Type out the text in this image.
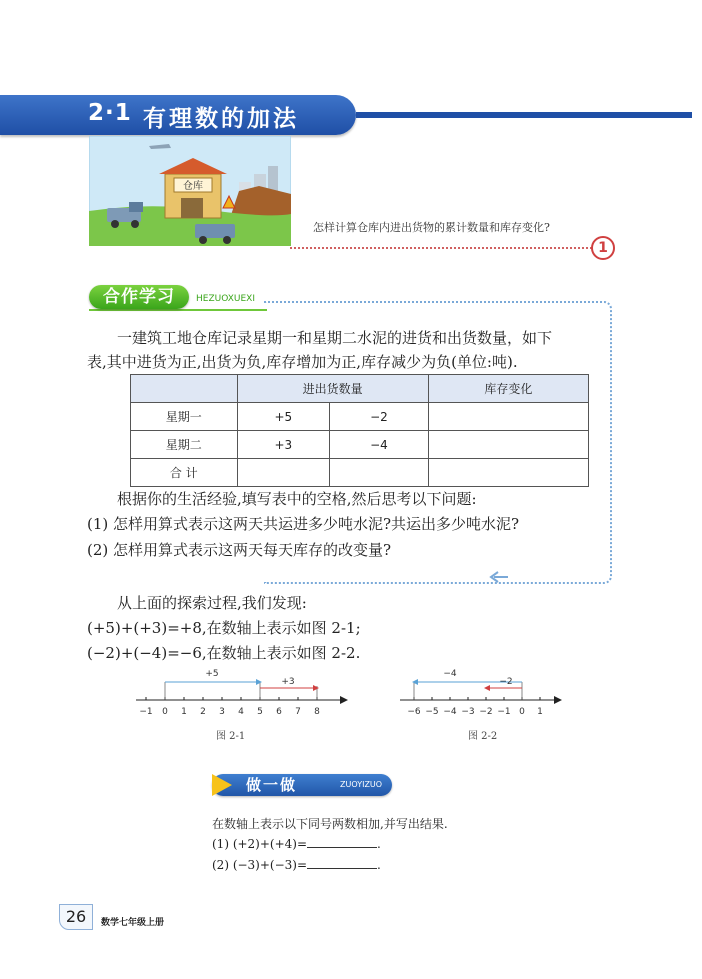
2·1 有理数的加法
仓库
怎样计算仓库内进出货物的累计数量和库存变化?
1
合作学习	HEZUOXUEXI
一建筑工地仓库记录星期一和星期二水泥的进货和出货数量，如下
表,其中进货为正,出货为负,库存增加为正,库存减少为负(单位:吨).
	进出货数量		库存变化
星期一	+5	−2	
星期二	+3	−4	
合 计			
根据你的生活经验,填写表中的空格,然后思考以下问题:
(1) 怎样用算式表示这两天共运进多少吨水泥?共运出多少吨水泥?
(2) 怎样用算式表示这两天每天库存的改变量?
从上面的探索过程,我们发现:
(+5)+(+3)=+8,在数轴上表示如图 2-1;
(−2)+(−4)=−6,在数轴上表示如图 2-2.
−1 0 1 2 3 4 5 6 7 8
+5
+3
图 2-1
−6 −5 −4 −3 −2 −1 0 1
−4
−2
图 2-2
做一做	ZUOYIZUO
在数轴上表示以下同号两数相加,并写出结果.
(1) (+2)+(+4)=	.
(2) (−3)+(−3)=	.
26	数学七年级上册
